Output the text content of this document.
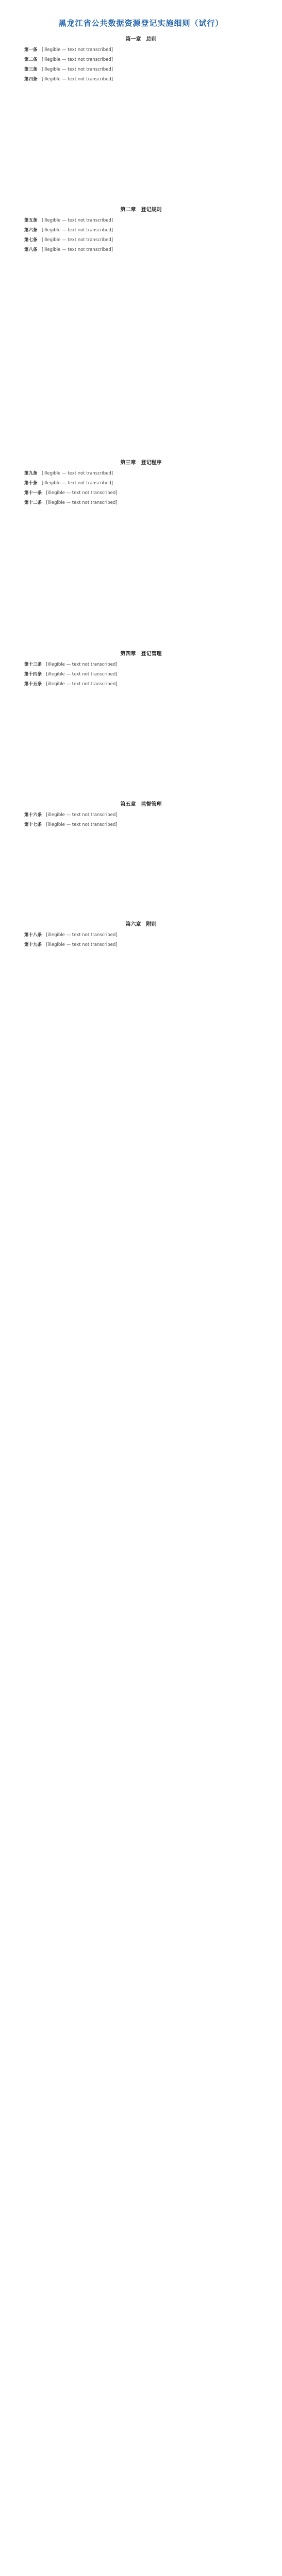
黑龙江省公共数据资源登记实施细则（试行）
第一章　总则

第一条　[illegible — text not transcribed]

第二条　[illegible — text not transcribed]

第三条　[illegible — text not transcribed]

第四条　[illegible — text not transcribed]

第二章　登记规则

第五条　[illegible — text not transcribed]

第六条　[illegible — text not transcribed]

第七条　[illegible — text not transcribed]

第八条　[illegible — text not transcribed]

第三章　登记程序

第九条　[illegible — text not transcribed]

第十条　[illegible — text not transcribed]

第十一条　[illegible — text not transcribed]

第十二条　[illegible — text not transcribed]

第四章　登记管理

第十三条　[illegible — text not transcribed]

第十四条　[illegible — text not transcribed]

第十五条　[illegible — text not transcribed]

第五章　监督管理

第十六条　[illegible — text not transcribed]

第十七条　[illegible — text not transcribed]

第六章　附则

第十八条　[illegible — text not transcribed]

第十九条　[illegible — text not transcribed]
